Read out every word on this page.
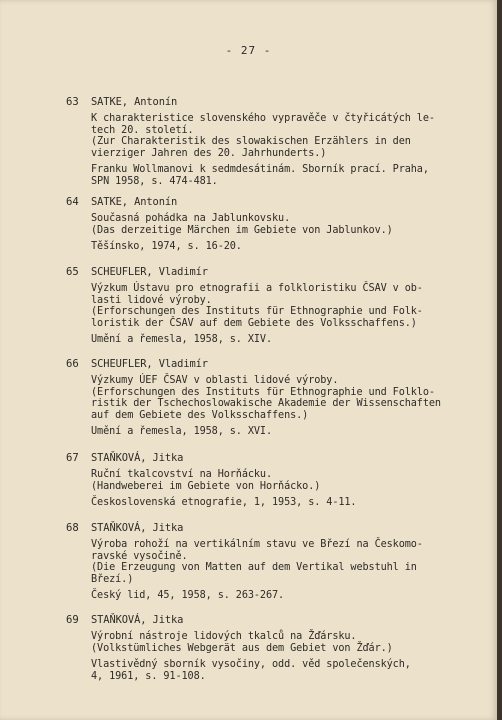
- 27 -
63 SATKE, Antonín
K charakteristice slovenského vypravěče v čtyřicátých le-
tech 20. století.
(Zur Charakteristik des slowakischen Erzählers in den
vierziger Jahren des 20. Jahrhunderts.)
Franku Wollmanovi k sedmdesátinám. Sborník prací. Praha,
SPN 1958, s. 474-481.
64 SATKE, Antonín
Současná pohádka na Jablunkovsku.
(Das derzeitige Märchen im Gebiete von Jablunkov.)
Těšínsko, 1974, s. 16-20.
65 SCHEUFLER, Vladimír
Výzkum Ústavu pro etnografii a folkloristiku ČSAV v ob-
lasti lidové výroby.
(Erforschungen des Instituts für Ethnographie und Folk-
loristik der ČSAV auf dem Gebiete des Volksschaffens.)
Umění a řemesla, 1958, s. XIV.
66 SCHEUFLER, Vladimír
Výzkumy ÚEF ČSAV v oblasti lidové výroby.
(Erforschungen des Instituts für Ethnographie und Folklo-
ristik der Tschechoslowakische Akademie der Wissenschaften
auf dem Gebiete des Volksschaffens.)
Umění a řemesla, 1958, s. XVI.
67 STAŇKOVÁ, Jitka
Ruční tkalcovství na Horňácku.
(Handweberei im Gebiete von Horňácko.)
Československá etnografie, 1, 1953, s. 4-11.
68 STAŇKOVÁ, Jitka
Výroba rohoží na vertikálním stavu ve Březí na Českomo-
ravské vysočině.
(Die Erzeugung von Matten auf dem Vertikal webstuhl in
Březí.)
Český lid, 45, 1958, s. 263-267.
69 STAŇKOVÁ, Jitka
Výrobní nástroje lidových tkalců na Žďársku.
(Volkstümliches Webgerät aus dem Gebiet von Žďár.)
Vlastivědný sborník vysočiny, odd. věd společenských,
4, 1961, s. 91-108.
